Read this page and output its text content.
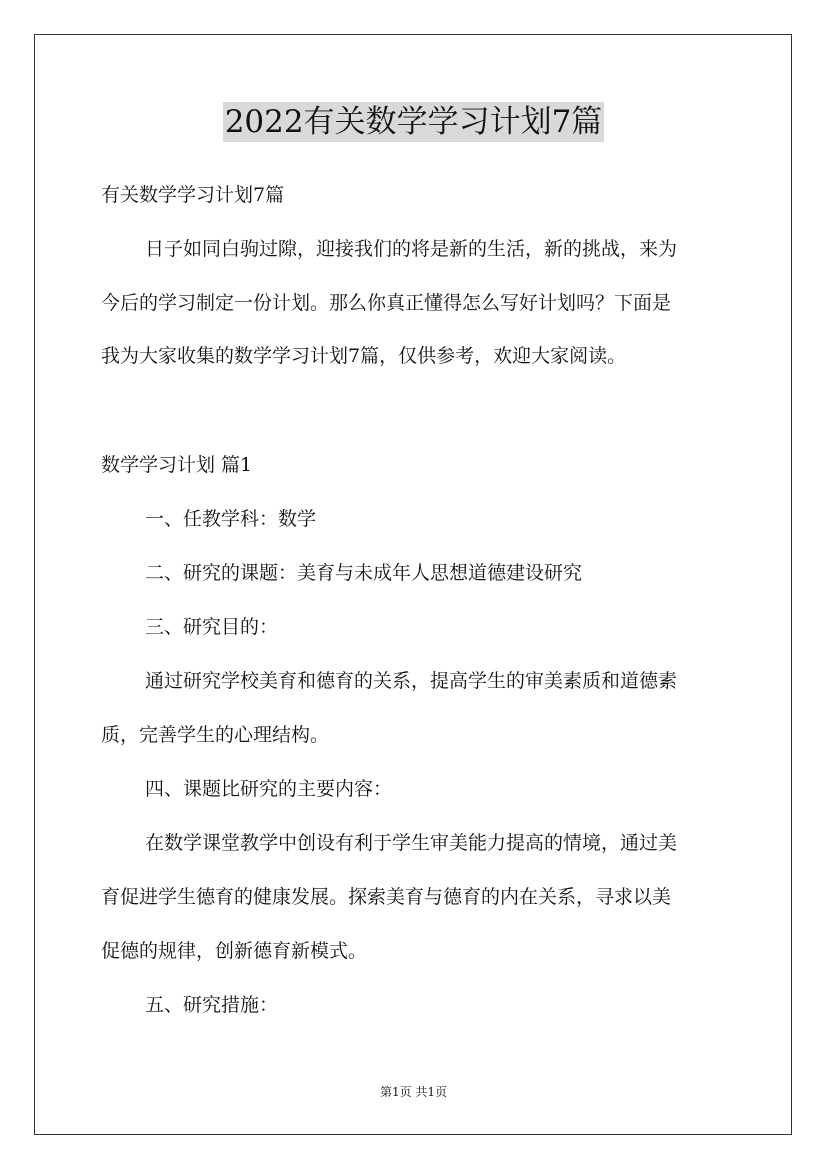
2022有关数学学习计划7篇
有关数学学习计划7篇
日子如同白驹过隙，迎接我们的将是新的生活，新的挑战，来为
今后的学习制定一份计划。那么你真正懂得怎么写好计划吗？下面是
我为大家收集的数学学习计划7篇，仅供参考，欢迎大家阅读。
数学学习计划 篇1
一、任教学科：数学
二、研究的课题：美育与未成年人思想道德建设研究
三、研究目的：
通过研究学校美育和德育的关系，提高学生的审美素质和道德素
质，完善学生的心理结构。
四、课题比研究的主要内容：
在数学课堂教学中创设有利于学生审美能力提高的情境，通过美
育促进学生德育的健康发展。探索美育与德育的内在关系，寻求以美
促德的规律，创新德育新模式。
五、研究措施：
第1页 共1页
